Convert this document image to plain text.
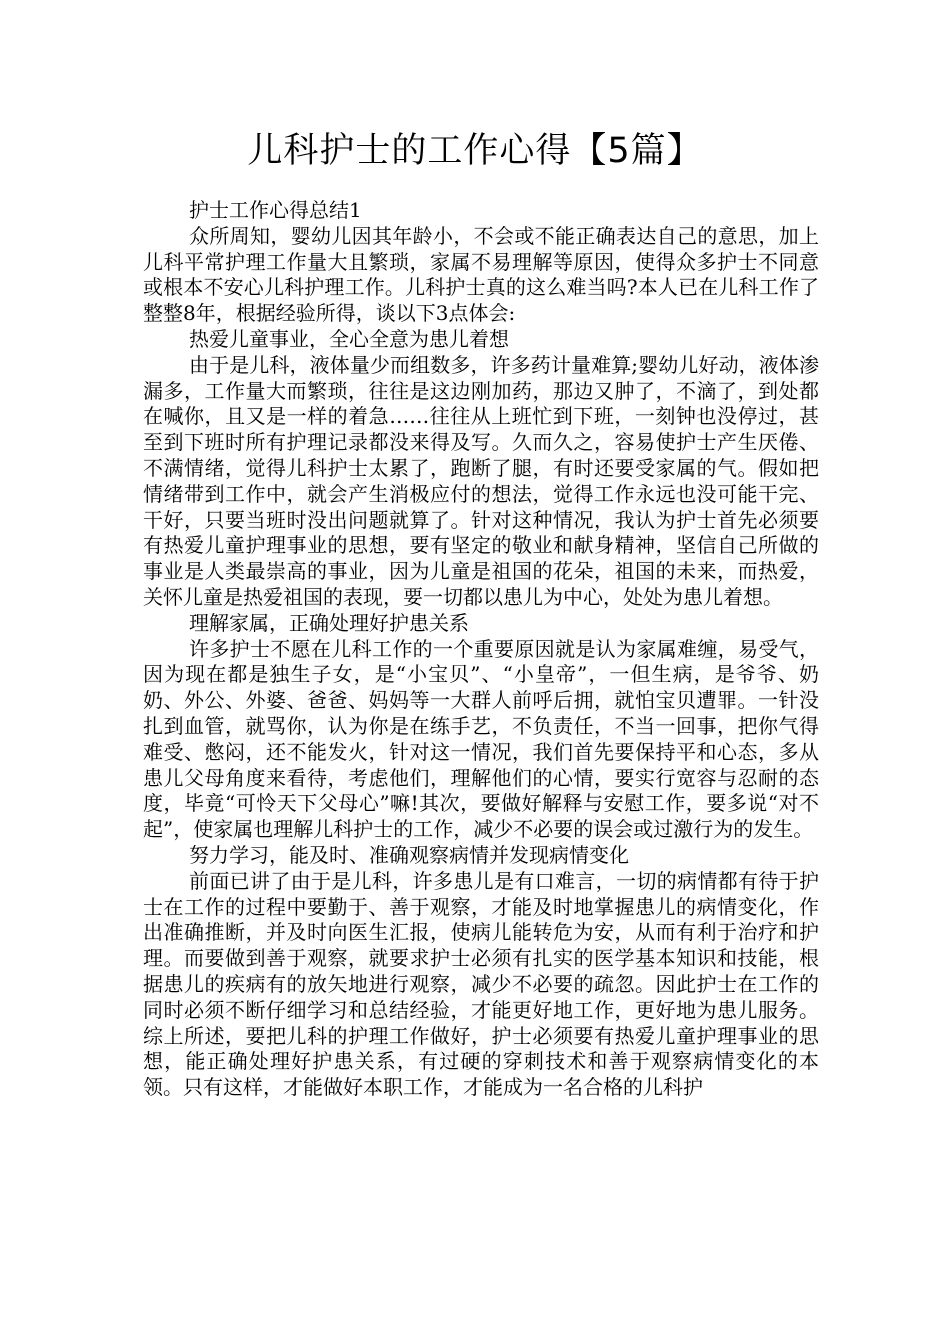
儿科护士的工作心得【5篇】

护士工作心得总结1

众所周知，婴幼儿因其年龄小，不会或不能正确表达自己的意思，加上儿科平常护理工作量大且繁琐，家属不易理解等原因，使得众多护士不同意或根本不安心儿科护理工作。儿科护士真的这么难当吗?本人已在儿科工作了整整8年，根据经验所得，谈以下3点体会:

热爱儿童事业，全心全意为患儿着想

由于是儿科，液体量少而组数多，许多药计量难算;婴幼儿好动，液体渗漏多，工作量大而繁琐，往往是这边刚加药，那边又肿了，不滴了，到处都在喊你，且又是一样的着急……往往从上班忙到下班，一刻钟也没停过，甚至到下班时所有护理记录都没来得及写。久而久之，容易使护士产生厌倦、不满情绪，觉得儿科护士太累了，跑断了腿，有时还要受家属的气。假如把情绪带到工作中，就会产生消极应付的想法，觉得工作永远也没可能干完、干好，只要当班时没出问题就算了。针对这种情况，我认为护士首先必须要有热爱儿童护理事业的思想，要有坚定的敬业和献身精神，坚信自己所做的事业是人类最崇高的事业，因为儿童是祖国的花朵，祖国的未来，而热爱，关怀儿童是热爱祖国的表现，要一切都以患儿为中心，处处为患儿着想。

理解家属，正确处理好护患关系

许多护士不愿在儿科工作的一个重要原因就是认为家属难缠，易受气，因为现在都是独生子女，是“小宝贝”、“小皇帝”，一但生病，是爷爷、奶奶、外公、外婆、爸爸、妈妈等一大群人前呼后拥，就怕宝贝遭罪。一针没扎到血管，就骂你，认为你是在练手艺，不负责任，不当一回事，把你气得难受、憋闷，还不能发火，针对这一情况，我们首先要保持平和心态，多从患儿父母角度来看待，考虑他们，理解他们的心情，要实行宽容与忍耐的态度，毕竟“可怜天下父母心”嘛!其次，要做好解释与安慰工作，要多说“对不起”，使家属也理解儿科护士的工作，减少不必要的误会或过激行为的发生。

努力学习，能及时、准确观察病情并发现病情变化

前面已讲了由于是儿科，许多患儿是有口难言，一切的病情都有待于护士在工作的过程中要勤于、善于观察，才能及时地掌握患儿的病情变化，作出准确推断，并及时向医生汇报，使病儿能转危为安，从而有利于治疗和护理。而要做到善于观察，就要求护士必须有扎实的医学基本知识和技能，根据患儿的疾病有的放矢地进行观察，减少不必要的疏忽。因此护士在工作的同时必须不断仔细学习和总结经验，才能更好地工作，更好地为患儿服务。综上所述，要把儿科的护理工作做好，护士必须要有热爱儿童护理事业的思想，能正确处理好护患关系，有过硬的穿刺技术和善于观察病情变化的本领。只有这样，才能做好本职工作，才能成为一名合格的儿科护
